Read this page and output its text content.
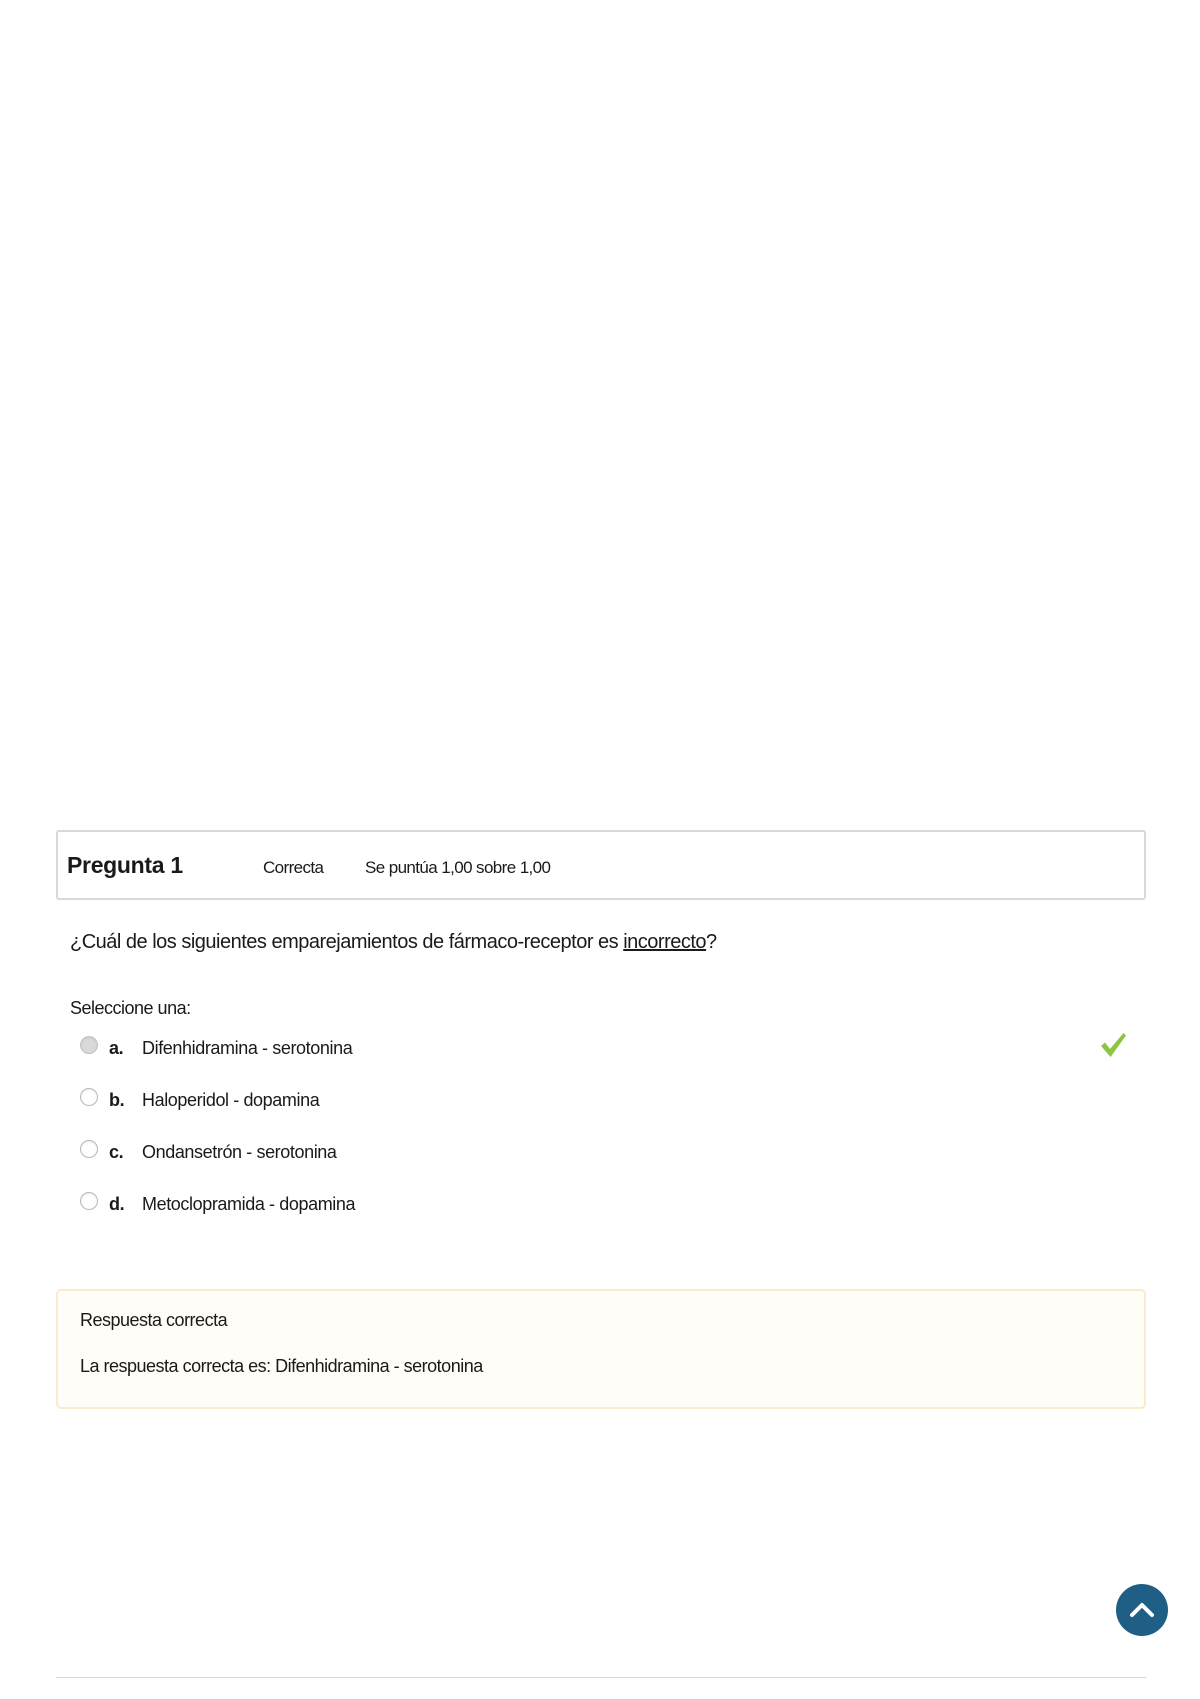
Pregunta 1	Correcta Se puntúa 1,00 sobre 1,00
¿Cuál de los siguientes emparejamientos de fármaco-receptor es incorrecto?
Seleccione una:
a. Difenhidramina - serotonina
b. Haloperidol - dopamina
c. Ondansetrón - serotonina
d. Metoclopramida - dopamina
Respuesta correcta
La respuesta correcta es: Difenhidramina - serotonina
